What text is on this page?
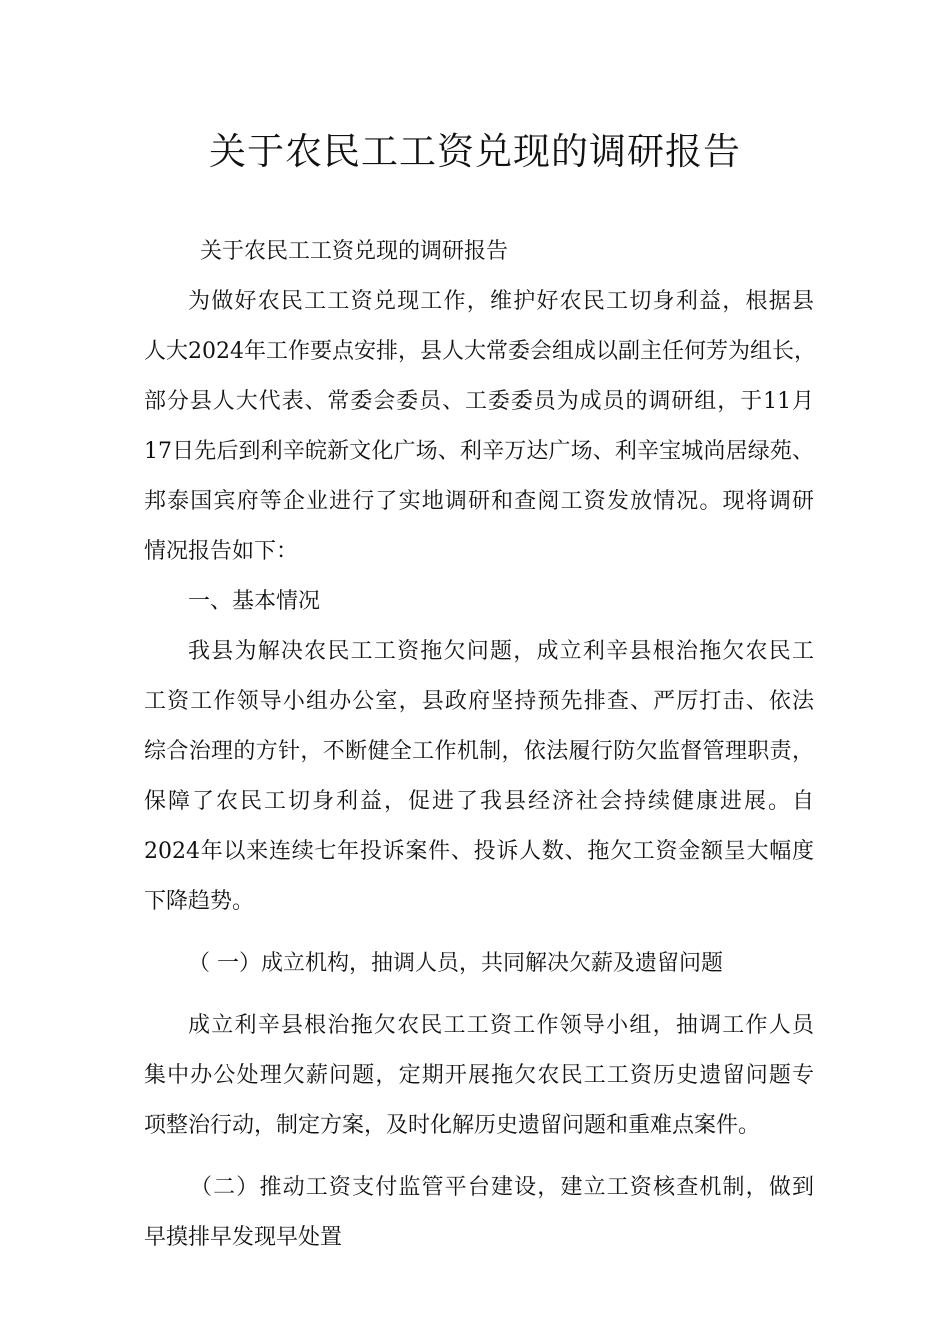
关于农民工工资兑现的调研报告
关于农民工工资兑现的调研报告
为做好农民工工资兑现工作，维护好农民工切身利益，根据县
人大2024年工作要点安排，县人大常委会组成以副主任何芳为组长，
部分县人大代表、常委会委员、工委委员为成员的调研组，于11月
17日先后到利辛皖新文化广场、利辛万达广场、利辛宝城尚居绿苑、
邦泰国宾府等企业进行了实地调研和查阅工资发放情况。现将调研
情况报告如下：
一、基本情况
我县为解决农民工工资拖欠问题，成立利辛县根治拖欠农民工
工资工作领导小组办公室，县政府坚持预先排查、严厉打击、依法
综合治理的方针，不断健全工作机制，依法履行防欠监督管理职责，
保障了农民工切身利益，促进了我县经济社会持续健康进展。自
2024年以来连续七年投诉案件、投诉人数、拖欠工资金额呈大幅度
下降趋势。
（ 一）成立机构，抽调人员，共同解决欠薪及遗留问题
成立利辛县根治拖欠农民工工资工作领导小组，抽调工作人员
集中办公处理欠薪问题，定期开展拖欠农民工工资历史遗留问题专
项整治行动，制定方案，及时化解历史遗留问题和重难点案件。
（二）推动工资支付监管平台建设，建立工资核查机制，做到
早摸排早发现早处置
